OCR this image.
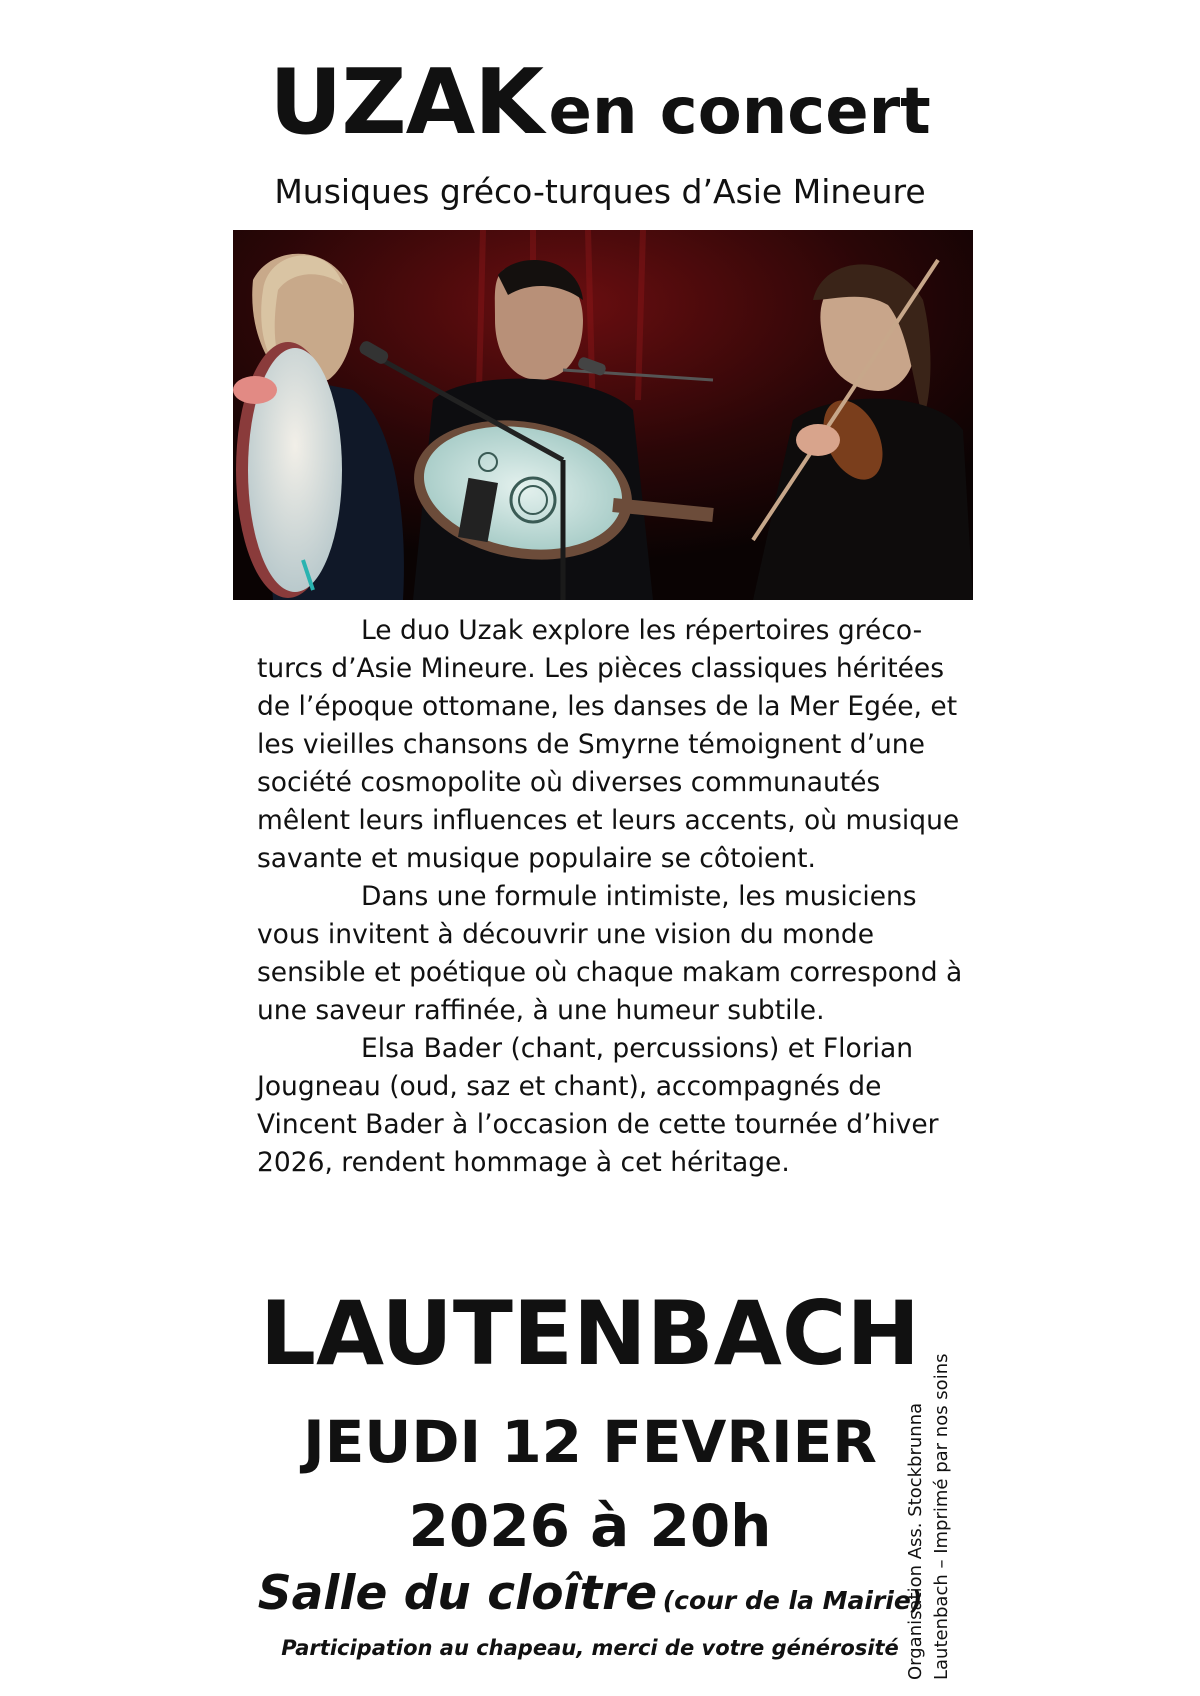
UZAK en concert
Musiques gréco-turques d’Asie Mineure

Le duo Uzak explore les répertoires gréco-turcs d’Asie Mineure. Les pièces classiques héritées de l’époque ottomane, les danses de la Mer Egée, et les vieilles chansons de Smyrne témoignent d’une société cosmopolite où diverses communautés mêlent leurs influences et leurs accents, où musique savante et musique populaire se côtoient.

Dans une formule intimiste, les musiciens vous invitent à découvrir une vision du monde sensible et poétique où chaque makam correspond à une saveur raffinée, à une humeur subtile.

Elsa Bader (chant, percussions) et Florian Jougneau (oud, saz et chant), accompagnés de Vincent Bader à l’occasion de cette tournée d’hiver 2026, rendent hommage à cet héritage.

LAUTENBACH
JEUDI 12 FEVRIER
2026 à 20h
Salle du cloître (cour de la Mairie)
Participation au chapeau, merci de votre générosité Organisation Ass. Stockbrunna Lautenbach – Imprimé par nos soins
